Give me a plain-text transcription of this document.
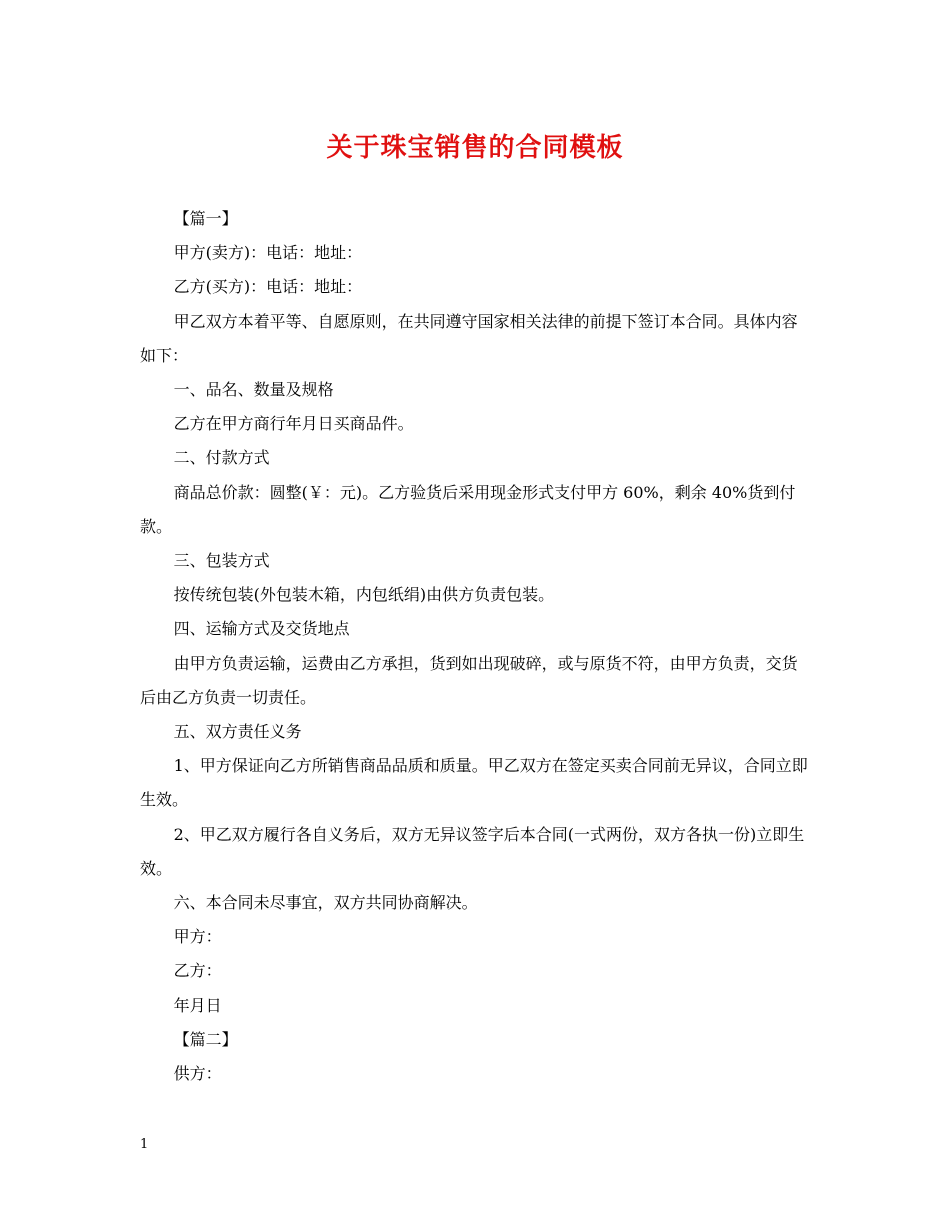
关于珠宝销售的合同模板

【篇一】

甲方(卖方)：电话：地址：

乙方(买方)：电话：地址：

甲乙双方本着平等、自愿原则，在共同遵守国家相关法律的前提下签订本合同。具体内容如下：

一、品名、数量及规格

乙方在甲方商行年月日买商品件。

二、付款方式

商品总价款：圆整(￥：元)。乙方验货后采用现金形式支付甲方 60%，剩余 40%货到付款。

三、包装方式

按传统包装(外包装木箱，内包纸绢)由供方负责包装。

四、运输方式及交货地点

由甲方负责运输，运费由乙方承担，货到如出现破碎，或与原货不符，由甲方负责，交货后由乙方负责一切责任。

五、双方责任义务

1、甲方保证向乙方所销售商品品质和质量。甲乙双方在签定买卖合同前无异议，合同立即生效。

2、甲乙双方履行各自义务后，双方无异议签字后本合同(一式两份，双方各执一份)立即生效。

六、本合同未尽事宜，双方共同协商解决。

甲方：

乙方：

年月日

【篇二】

供方：

1
